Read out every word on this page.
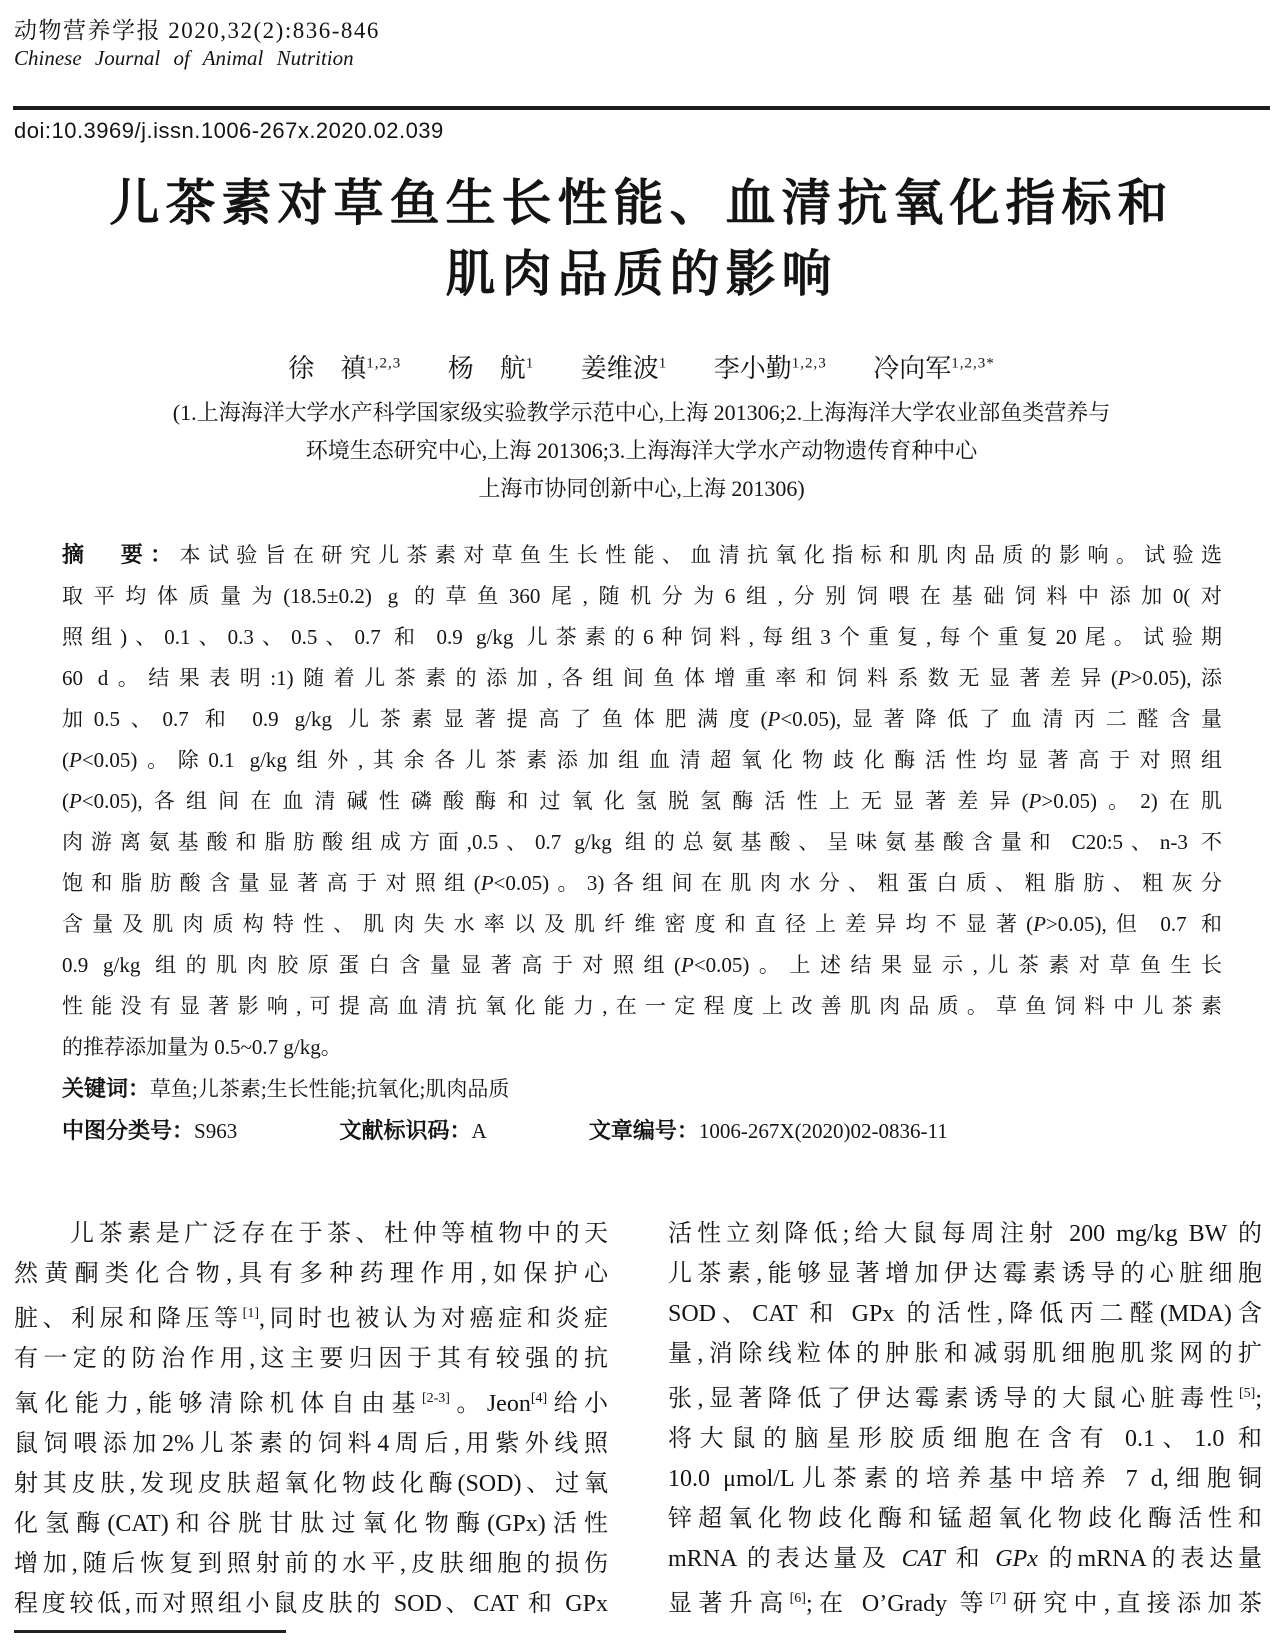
动物营养学报 2020,32(2):836-846
Chinese Journal of Animal Nutrition
doi:10.3969/j.issn.1006-267x.2020.02.039
儿茶素对草鱼生长性能、血清抗氧化指标和
肌肉品质的影响
徐　禛$^{1,2,3}$ 杨　航$^1$ 姜维波$^1$ 李小勤$^{1,2,3}$ 冷向军$^{1,2,3*}$
(1.上海海洋大学水产科学国家级实验教学示范中心,上海 201306;2.上海海洋大学农业部鱼类营养与
环境生态研究中心,上海 201306;3.上海海洋大学水产动物遗传育种中心
上海市协同创新中心,上海 201306)
摘　要：本试验旨在研究儿茶素对草鱼生长性能、血清抗氧化指标和肌肉品质的影响。试验选
取平均体质量为(18.5±0.2) g 的草鱼360尾,随机分为6组,分别饲喂在基础饲料中添加0(对
照组)、0.1、0.3、0.5、0.7 和 0.9 g/kg 儿茶素的6种饲料,每组3个重复,每个重复20尾。试验期
60 d。结果表明:1)随着儿茶素的添加,各组间鱼体增重率和饲料系数无显著差异(P>0.05),添
加0.5、0.7 和 0.9 g/kg 儿茶素显著提高了鱼体肥满度(P<0.05),显著降低了血清丙二醛含量
(P<0.05)。除0.1 g/kg组外,其余各儿茶素添加组血清超氧化物歧化酶活性均显著高于对照组
(P<0.05),各组间在血清碱性磷酸酶和过氧化氢脱氢酶活性上无显著差异(P>0.05)。2)在肌
肉游离氨基酸和脂肪酸组成方面,0.5、0.7 g/kg 组的总氨基酸、呈味氨基酸含量和 C20:5、n-3 不
饱和脂肪酸含量显著高于对照组(P<0.05)。3)各组间在肌肉水分、粗蛋白质、粗脂肪、粗灰分
含量及肌肉质构特性、肌肉失水率以及肌纤维密度和直径上差异均不显著(P>0.05),但 0.7 和
0.9 g/kg 组的肌肉胶原蛋白含量显著高于对照组(P<0.05)。上述结果显示,儿茶素对草鱼生长
性能没有显著影响,可提高血清抗氧化能力,在一定程度上改善肌肉品质。草鱼饲料中儿茶素
的推荐添加量为 0.5~0.7 g/kg。
关键词：草鱼;儿茶素;生长性能;抗氧化;肌肉品质
中图分类号：S963	文献标识码：A	文章编号：1006-267X(2020)02-0836-11
儿茶素是广泛存在于茶、杜仲等植物中的天
然黄酮类化合物,具有多种药理作用,如保护心
脏、利尿和降压等[1],同时也被认为对癌症和炎症
有一定的防治作用,这主要归因于其有较强的抗
氧化能力,能够清除机体自由基[2-3]。Jeon[4]给小
鼠饲喂添加2%儿茶素的饲料4周后,用紫外线照
射其皮肤,发现皮肤超氧化物歧化酶(SOD)、过氧
化氢酶(CAT)和谷胱甘肽过氧化物酶(GPx)活性
增加,随后恢复到照射前的水平,皮肤细胞的损伤
程度较低,而对照组小鼠皮肤的 SOD、CAT 和 GPx
活性立刻降低;给大鼠每周注射 200 mg/kg BW 的
儿茶素,能够显著增加伊达霉素诱导的心脏细胞
SOD、CAT 和 GPx 的活性,降低丙二醛(MDA)含
量,消除线粒体的肿胀和减弱肌细胞肌浆网的扩
张,显著降低了伊达霉素诱导的大鼠心脏毒性[5];
将大鼠的脑星形胶质细胞在含有 0.1、1.0 和
10.0 μmol/L儿茶素的培养基中培养 7 d,细胞铜
锌超氧化物歧化酶和锰超氧化物歧化酶活性和
mRNA 的表达量及 CAT 和 GPx 的mRNA的表达量
显著升高[6];在 O’Grady 等[7]研究中,直接添加茶
